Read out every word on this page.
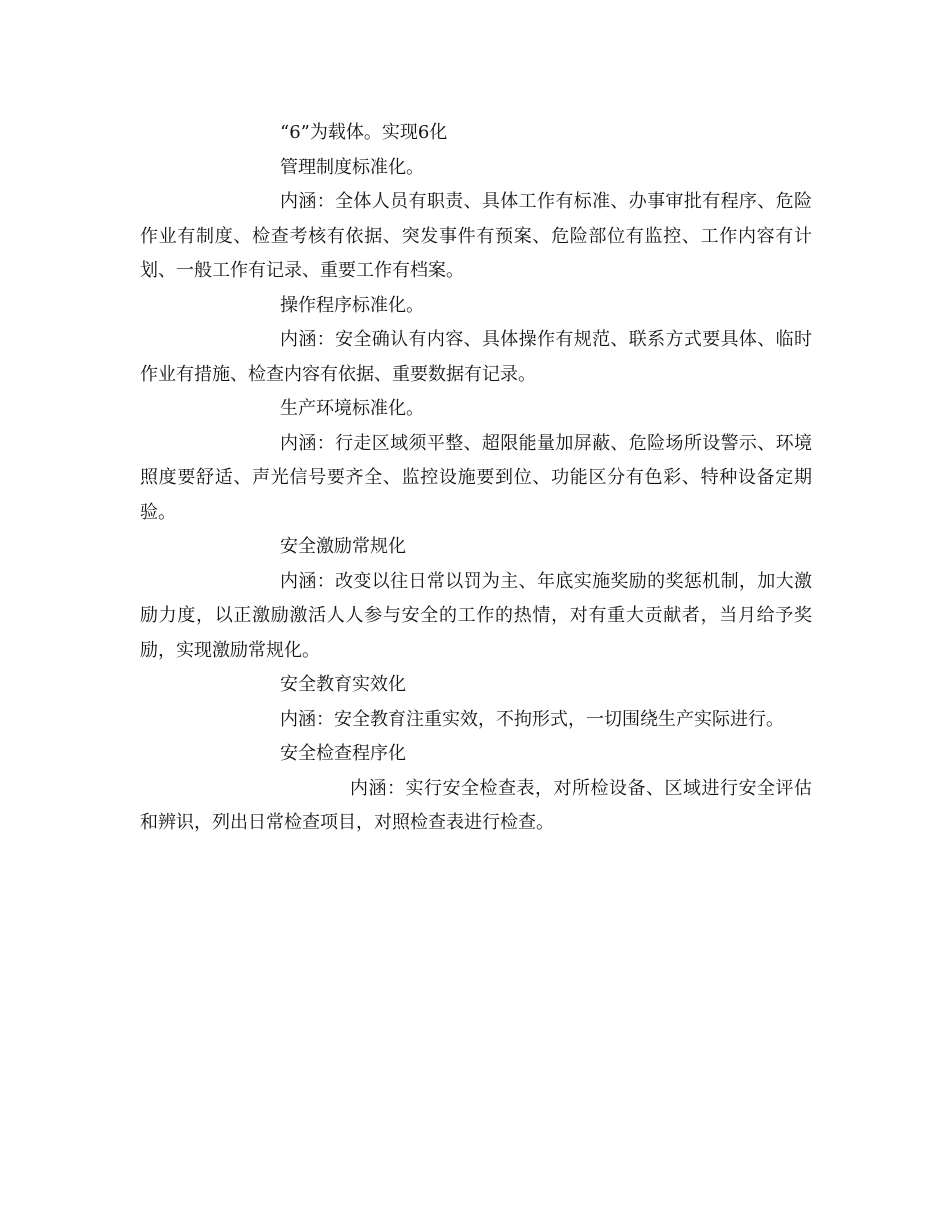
“6”为载体。实现6化

管理制度标准化。

内涵：全体人员有职责、具体工作有标准、办事审批有程序、危险作业有制度、检查考核有依据、突发事件有预案、危险部位有监控、工作内容有计划、一般工作有记录、重要工作有档案。

操作程序标准化。

内涵：安全确认有内容、具体操作有规范、联系方式要具体、临时作业有措施、检查内容有依据、重要数据有记录。

生产环境标准化。

内涵：行走区域须平整、超限能量加屏蔽、危险场所设警示、环境照度要舒适、声光信号要齐全、监控设施要到位、功能区分有色彩、特种设备定期验。

安全激励常规化

内涵：改变以往日常以罚为主、年底实施奖励的奖惩机制，加大激励力度，以正激励激活人人参与安全的工作的热情，对有重大贡献者，当月给予奖励，实现激励常规化。

安全教育实效化

内涵：安全教育注重实效，不拘形式，一切围绕生产实际进行。

安全检查程序化

内涵：实行安全检查表，对所检设备、区域进行安全评估和辨识，列出日常检查项目，对照检查表进行检查。
